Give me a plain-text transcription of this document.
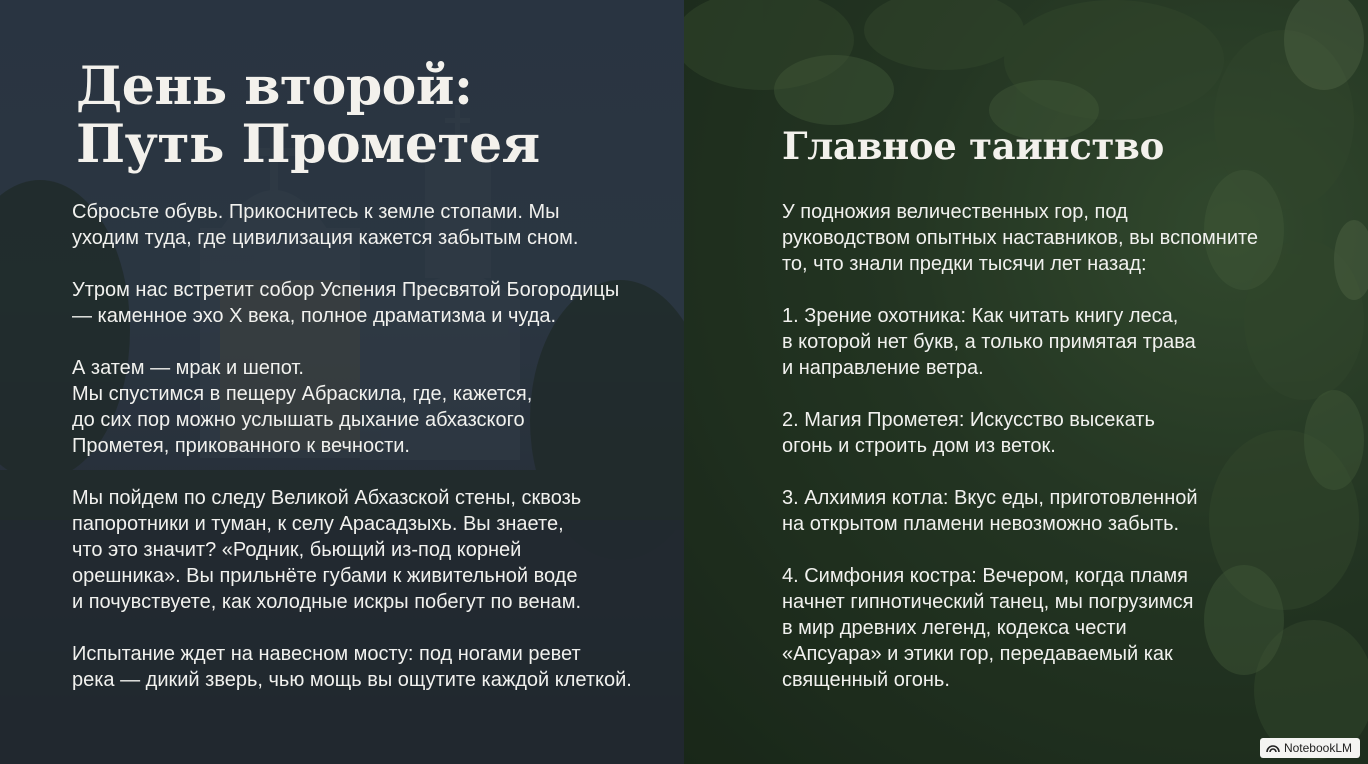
День второй:
Путь Прометея	Главное таинство

Сбросьте обувь. Прикоснитесь к земле стопами. Мы
уходим туда, где цивилизация кажется забытым сном.

Утром нас встретит собор Успения Пресвятой Богородицы
— каменное эхо X века, полное драматизма и чуда.

А затем — мрак и шепот.
Мы спустимся в пещеру Абраскила, где, кажется,
до сих пор можно услышать дыхание абхазского
Прометея, прикованного к вечности.

Мы пойдем по следу Великой Абхазской стены, сквозь
папоротники и туман, к селу Арасадзыхь. Вы знаете,
что это значит? «Родник, бьющий из-под корней
орешника». Вы прильнёте губами к живительной воде
и почувствуете, как холодные искры побегут по венам.

Испытание ждет на навесном мосту: под ногами ревет
река — дикий зверь, чью мощь вы ощутите каждой клеткой.

У подножия величественных гор, под
руководством опытных наставников, вы вспомните
то, что знали предки тысячи лет назад:

1. Зрение охотника: Как читать книгу леса,
в которой нет букв, а только примятая трава
и направление ветра.

2. Магия Прометея: Искусство высекать
огонь и строить дом из веток.

3. Алхимия котла: Вкус еды, приготовленной
на открытом пламени невозможно забыть.

4. Симфония костра: Вечером, когда пламя
начнет гипнотический танец, мы погрузимся
в мир древних легенд, кодекса чести
«Апсуара» и этики гор, передаваемый как
священный огонь.

NotebookLM
